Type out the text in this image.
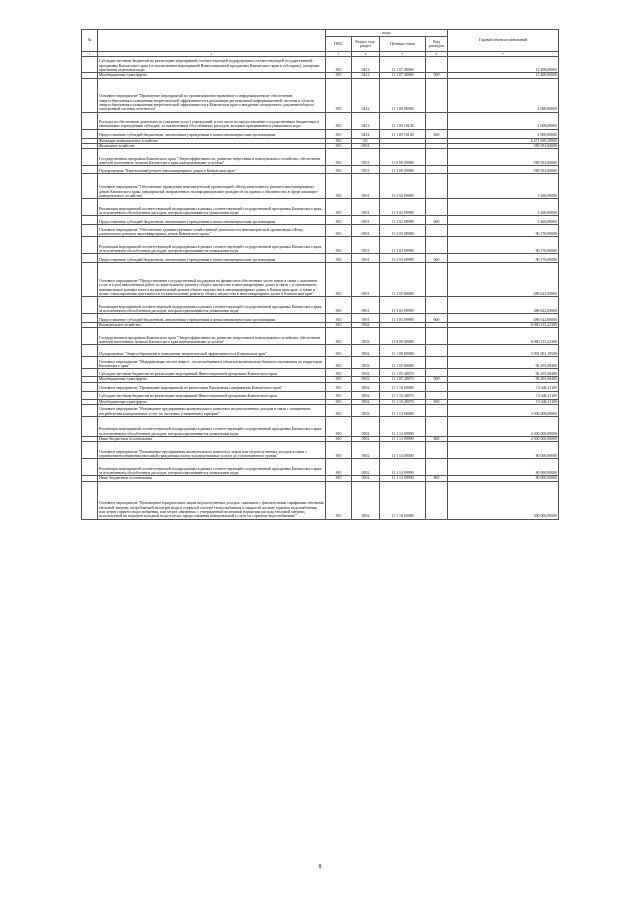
№		коды				Годовой объем ассигнований
		ГРБС	Раздел, под-раздел	Целевая статья	Вид расходов	
1	2	3	4	5	6	7
	Субсидии местным бюджетам на реализацию мероприятий соответствующей подпрограммы соответствующей государственной программы Камчатского края (за исключением мероприятий Инвестиционной программы Камчатского края в субсидиях), которыми присвоены отдельные коды	810	0412	11 1 07 40060		13 400,00000
	Межбюджетные трансферты	810	0412	11 1 07 40060	500	13 400,00000
	Основное мероприятие "Проведение мероприятий по организационно-правовому и информационному обеспечению энергосбережения и повышения энергетической эффективности в реализации региональной информационной системы в области энергосбережения и повышения энергетической эффективности в Камчатском крае и внедрение электронного документооборота электронной системы отчетности"	810	0412	11 1 09 00000		2 000,00000
	Расходы на обеспечение деятельности (оказание услуг) учреждений, в том числе на предоставление государственным бюджетным и автономным учреждениям субсидий, за исключением обособленных расходов, которым присваиваются уникальные коды	810	0412	11 1 09 10140		2 000,00000
	Предоставление субсидий бюджетным, автономным учреждениям и иным некоммерческим организациям	810	0412	11 1 09 10140	600	2 000,00000
	Жилищно-коммунальное хозяйство	810	05			6 471 659,29900
	Жилищное хозяйство	810	0501			580 052,00000
	Государственная программа Камчатского края "Энергоэффективность, развитие энергетики и коммунального хозяйства, обеспечение жителей населенных пунктов Камчатского края коммунальными услугами"	810	0501	11 0 00 00000		580 052,00000
	Подпрограмма "Капитальный ремонт многоквартирных домов в Камчатском крае"	810	0501	11 3 00 00000		580 052,00000
	Основное мероприятие "Обеспечение проведения некоммерческой организацией «Фонд капитального ремонта многоквартирных домов Камчатского края» мероприятий, направленных на информирование граждан об их правах и обязанностях в сфере жилищно-коммунального хозяйства"	810	0501	11 3 02 00000		3 260,00000
	Реализация мероприятий соответствующей подпрограммы в рамках соответствующей государственной программы Камчатского края, за исключением обособленных расходов, которым присваиваются уникальные коды	810	0501	11 3 02 09990		3 260,00000
	Предоставление субсидий бюджетным, автономным учреждениям и иным некоммерческим организациям	810	0501	11 3 02 09990	600	3 260,00000
	Основное мероприятие "Обеспечение административно-хозяйственной деятельности некоммерческой организации «Фонд капитального ремонта многоквартирных домов Камчатского края»"	810	0501	11 3 03 00000		90 170,00000
	Реализация мероприятий соответствующей подпрограммы в рамках соответствующей государственной программы Камчатского края, за исключением обособленных расходов, которым присваиваются уникальные коды	810	0501	11 3 03 09990		90 170,00000
	Предоставление субсидий бюджетным, автономным учреждениям и иным некоммерческим организациям	810	0501	11 3 03 09990	600	90 170,00000
	Основное мероприятие "Предоставление государственной поддержки на финансовое обеспечение части затрат в связи с оказанием услуг и (или) выполнением работ по капитальному ремонту общего имущества в многоквартирных домах в связи с установлением минимального размера взноса на капитальный ремонт общего имущества в многоквартирных домах в Камчатском крае, а также в целях стимулирования деятельности по капитальному ремонту общего имущества в многоквартирных домах в Камчатском крае"	810	0501	11 3 05 00000		486 622,00000
	Реализация мероприятий соответствующей подпрограммы в рамках соответствующей государственной программы Камчатского края, за исключением обособленных расходов, которым присваиваются уникальные коды	810	0501	11 3 05 09990		486 622,00000
	Предоставление субсидий бюджетным, автономным учреждениям и иным некоммерческим организациям	810	0501	11 3 05 09990	600	486 622,00000
	Коммунальное хозяйство	810	0502			6 060 215,22300
	Государственная программа Камчатского края "Энергоэффективность, развитие энергетики и коммунального хозяйства, обеспечение жителей населенных пунктов Камчатского края коммунальными услугами"	810	0502	11 0 00 00000		6 060 215,22300
	Подпрограмма "Энергосбережение и повышение энергетической эффективности в Камчатском крае"	810	0502	11 1 00 00000		5 091 901,19500
	Основное мероприятие "Модернизация систем энерго-, теплоснабжения в объектов коммунально-бытового назначения на территории Камчатского края"	810	0502	11 1 05 00000		96 455,08400
	Субсидии местным бюджетам на реализацию мероприятий Инвестиционной программы Камчатского края	810	0502	11 1 05 40070		96 455,08400
	Межбюджетные трансферты	810	0502	11 1 05 40070	500	96 455,08400
	Основное мероприятие "Проведение мероприятий по реализации Программы газификации Камчатского края"	810	0502	11 1 10 00000		15 446,11100
	Субсидии местным бюджетам на реализацию мероприятий Инвестиционной программы Камчатского края	810	0502	11 1 10 40070		15 446,11100
	Межбюджетные трансферты	810	0502	11 1 10 40070	500	15 446,11100
	Основное мероприятие "Возмещение предприятиям коммунального комплекса недополученных доходов в связи с понижением потребителям коммунальных услуг по льготным (сниженным) тарифам"	810	0502	11 1 13 00000		4 300 000,00000
	Реализация мероприятий соответствующей подпрограммы в рамках соответствующей государственной программы Камчатского края, за исключением обособленных расходов, которым присваиваются уникальные коды	810	0502	11 1 13 09990		4 300 000,00000
	Иные бюджетные ассигнования	810	0502	11 1 13 09990	800	4 300 000,00000
	Основное мероприятие "Возмещение предприятиям коммунального комплекса затрат или недополученных доходов в связи с ограничением изменения вносимой гражданами платы за коммунальные услуги до установленного уровня"	810	0502	11 1 14 00000		80 000,00000
	Реализация мероприятий соответствующей подпрограммы в рамках соответствующей государственной программы Камчатского края, за исключением обособленных расходов, которым присваиваются уникальные коды	810	0502	11 1 14 09990		80 000,00000
	Иные бюджетные ассигнования	810	0502	11 1 14 09990	800	80 000,00000
	Основное мероприятие "Возмещение юридическим лицам недополученных доходов, связанных с фактическими тарифными объемами тепловой энергии, потребляемой на нагрев воды в открытой системе теплоснабжения и закрытой системе горячего водоснабжения, или затрат горячего водоснабжения, или затрат, связанных с утвержденной величиной норматива расхода тепловой энергии, используемой на подогрев холодной воды в целях предоставления коммунальной услуги по горячему водоснабжению"	810	0502	11 1 18 00000		200 000,00000
8
